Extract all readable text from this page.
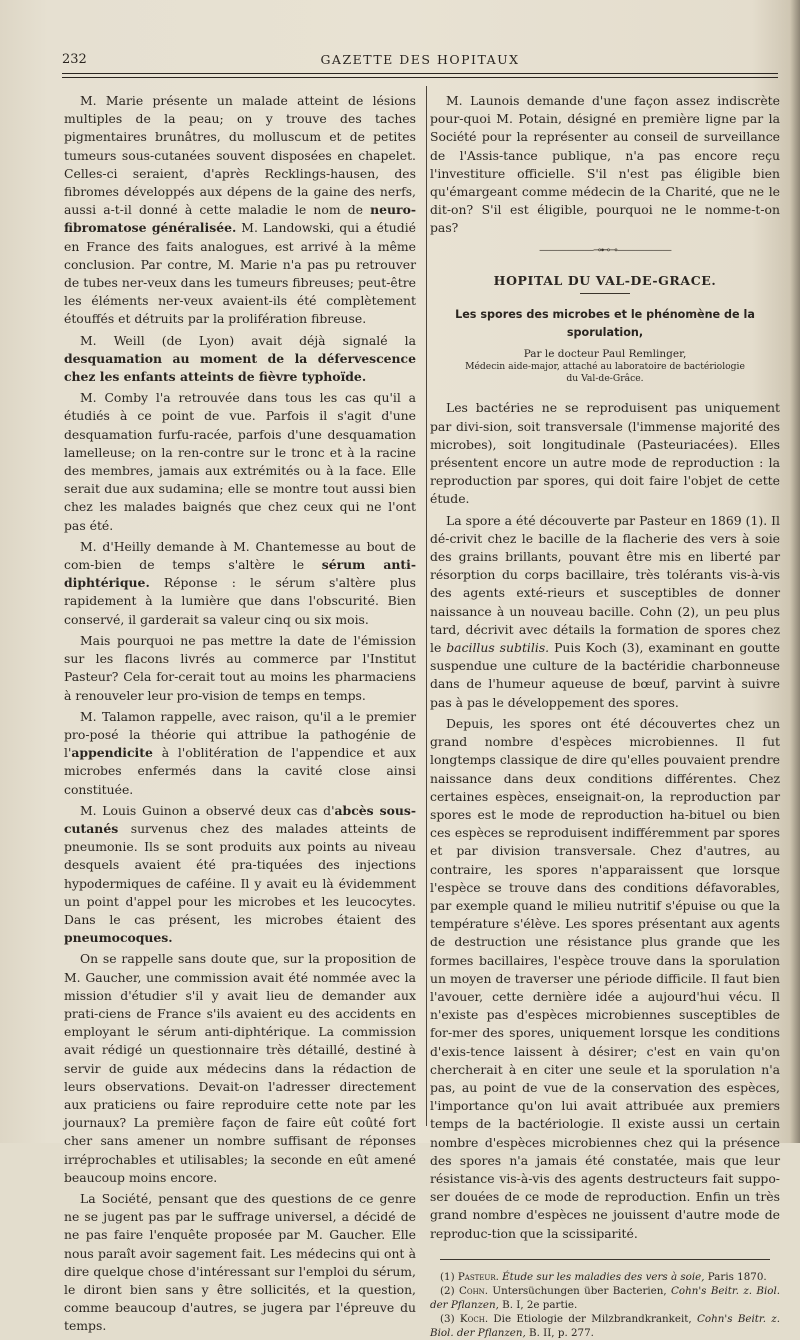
232	GAZETTE DES HOPITAUX

M. Marie présente un malade atteint de lésions multiples de la peau; on y trouve des taches pigmentaires brunâtres, du molluscum et de petites tumeurs sous-cutanées souvent disposées en chapelet. Celles-ci seraient, d'après Recklings-hausen, des fibromes développés aux dépens de la gaine des nerfs, aussi a-t-il donné à cette maladie le nom de neuro-fibromatose généralisée. M. Landowski, qui a étudié en France des faits analogues, est arrivé à la même conclusion. Par contre, M. Marie n'a pas pu retrouver de tubes ner-veux dans les tumeurs fibreuses; peut-être les éléments ner-veux avaient-ils été complètement étouffés et détruits par la prolifération fibreuse.

M. Weill (de Lyon) avait déjà signalé la desquamation au moment de la défervescence chez les enfants atteints de fièvre typhoïde.

M. Comby l'a retrouvée dans tous les cas qu'il a étudiés à ce point de vue. Parfois il s'agit d'une desquamation furfu-racée, parfois d'une desquamation lamelleuse; on la ren-contre sur le tronc et à la racine des membres, jamais aux extrémités ou à la face. Elle serait due aux sudamina; elle se montre tout aussi bien chez les malades baignés que chez ceux qui ne l'ont pas été.

M. d'Heilly demande à M. Chantemesse au bout de com-bien de temps s'altère le sérum anti-diphtérique. Réponse : le sérum s'altère plus rapidement à la lumière que dans l'obscurité. Bien conservé, il garderait sa valeur cinq ou six mois.

Mais pourquoi ne pas mettre la date de l'émission sur les flacons livrés au commerce par l'Institut Pasteur? Cela for-cerait tout au moins les pharmaciens à renouveler leur pro-vision de temps en temps.

M. Talamon rappelle, avec raison, qu'il a le premier pro-posé la théorie qui attribue la pathogénie de l'appendicite à l'oblitération de l'appendice et aux microbes enfermés dans la cavité close ainsi constituée.

M. Louis Guinon a observé deux cas d'abcès sous-cutanés survenus chez des malades atteints de pneumonie. Ils se sont produits aux points au niveau desquels avaient été pra-tiquées des injections hypodermiques de caféine. Il y avait eu là évidemment un point d'appel pour les microbes et les leucocytes. Dans le cas présent, les microbes étaient des pneumocoques.

On se rappelle sans doute que, sur la proposition de M. Gaucher, une commission avait été nommée avec la mission d'étudier s'il y avait lieu de demander aux prati-ciens de France s'ils avaient eu des accidents en employant le sérum anti-diphtérique. La commission avait rédigé un questionnaire très détaillé, destiné à servir de guide aux médecins dans la rédaction de leurs observations. Devait-on l'adresser directement aux praticiens ou faire reproduire cette note par les journaux? La première façon de faire eût coûté fort cher sans amener un nombre suffisant de réponses irréprochables et utilisables; la seconde en eût amené beaucoup moins encore.

La Société, pensant que des questions de ce genre ne se jugent pas par le suffrage universel, a décidé de ne pas faire l'enquête proposée par M. Gaucher. Elle nous paraît avoir sagement fait. Les médecins qui ont à dire quelque chose d'intéressant sur l'emploi du sérum, le diront bien sans y être sollicités, et la question, comme beaucoup d'autres, se jugera par l'épreuve du temps.

M. Launois demande d'une façon assez indiscrète pour-quoi M. Potain, désigné en première ligne par la Société pour la représenter au conseil de surveillance de l'Assis-tance publique, n'a pas encore reçu l'investiture officielle. S'il n'est pas éligible bien qu'émargeant comme médecin de la Charité, que ne le dit-on? S'il est éligible, pourquoi ne le nomme-t-on pas?

——————⊸⊷⊸——————
HOPITAL DU VAL-DE-GRACE.
Les spores des microbes et le phénomène de la sporulation,
Par le docteur Paul Remlinger,
Médecin aide-major, attaché au laboratoire de bactériologie
du Val-de-Grâce.

Les bactéries ne se reproduisent pas uniquement par divi-sion, soit transversale (l'immense majorité des microbes), soit longitudinale (Pasteuriacées). Elles présentent encore un autre mode de reproduction : la reproduction par spores, qui doit faire l'objet de cette étude.

La spore a été découverte par Pasteur en 1869 (1). Il dé-crivit chez le bacille de la flacherie des vers à soie des grains brillants, pouvant être mis en liberté par résorption du corps bacillaire, très tolérants vis-à-vis des agents exté-rieurs et susceptibles de donner naissance à un nouveau bacille. Cohn (2), un peu plus tard, décrivit avec détails la formation de spores chez le bacillus subtilis. Puis Koch (3), examinant en goutte suspendue une culture de la bactéridie charbonneuse dans de l'humeur aqueuse de bœuf, parvint à suivre pas à pas le développement des spores.

Depuis, les spores ont été découvertes chez un grand nombre d'espèces microbiennes. Il fut longtemps classique de dire qu'elles pouvaient prendre naissance dans deux conditions différentes. Chez certaines espèces, enseignait-on, la reproduction par spores est le mode de reproduction ha-bituel ou bien ces espèces se reproduisent indifféremment par spores et par division transversale. Chez d'autres, au contraire, les spores n'apparaissent que lorsque l'espèce se trouve dans des conditions défavorables, par exemple quand le milieu nutritif s'épuise ou que la température s'élève. Les spores présentant aux agents de destruction une résistance plus grande que les formes bacillaires, l'espèce trouve dans la sporulation un moyen de traverser une période difficile. Il faut bien l'avouer, cette dernière idée a aujourd'hui vécu. Il n'existe pas d'espèces microbiennes susceptibles de for-mer des spores, uniquement lorsque les conditions d'exis-tence laissent à désirer; c'est en vain qu'on chercherait à en citer une seule et la sporulation n'a pas, au point de vue de la conservation des espèces, l'importance qu'on lui avait attribuée aux premiers temps de la bactériologie. Il existe aussi un certain nombre d'espèces microbiennes chez qui la présence des spores n'a jamais été constatée, mais que leur résistance vis-à-vis des agents destructeurs fait suppo-ser douées de ce mode de reproduction. Enfin un très grand nombre d'espèces ne jouissent d'autre mode de reproduc-tion que la scissiparité.

(1) Pasteur. Étude sur les maladies des vers à soie, Paris 1870.
(2) Cohn. Untersüchungen über Bacterien, Cohn's Beitr. z. Biol. der Pflanzen, B. I, 2e partie.
(3) Koch. Die Etiologie der Milzbrandkrankeit, Cohn's Beitr. z. Biol. der Pflanzen, B. II, p. 277.
